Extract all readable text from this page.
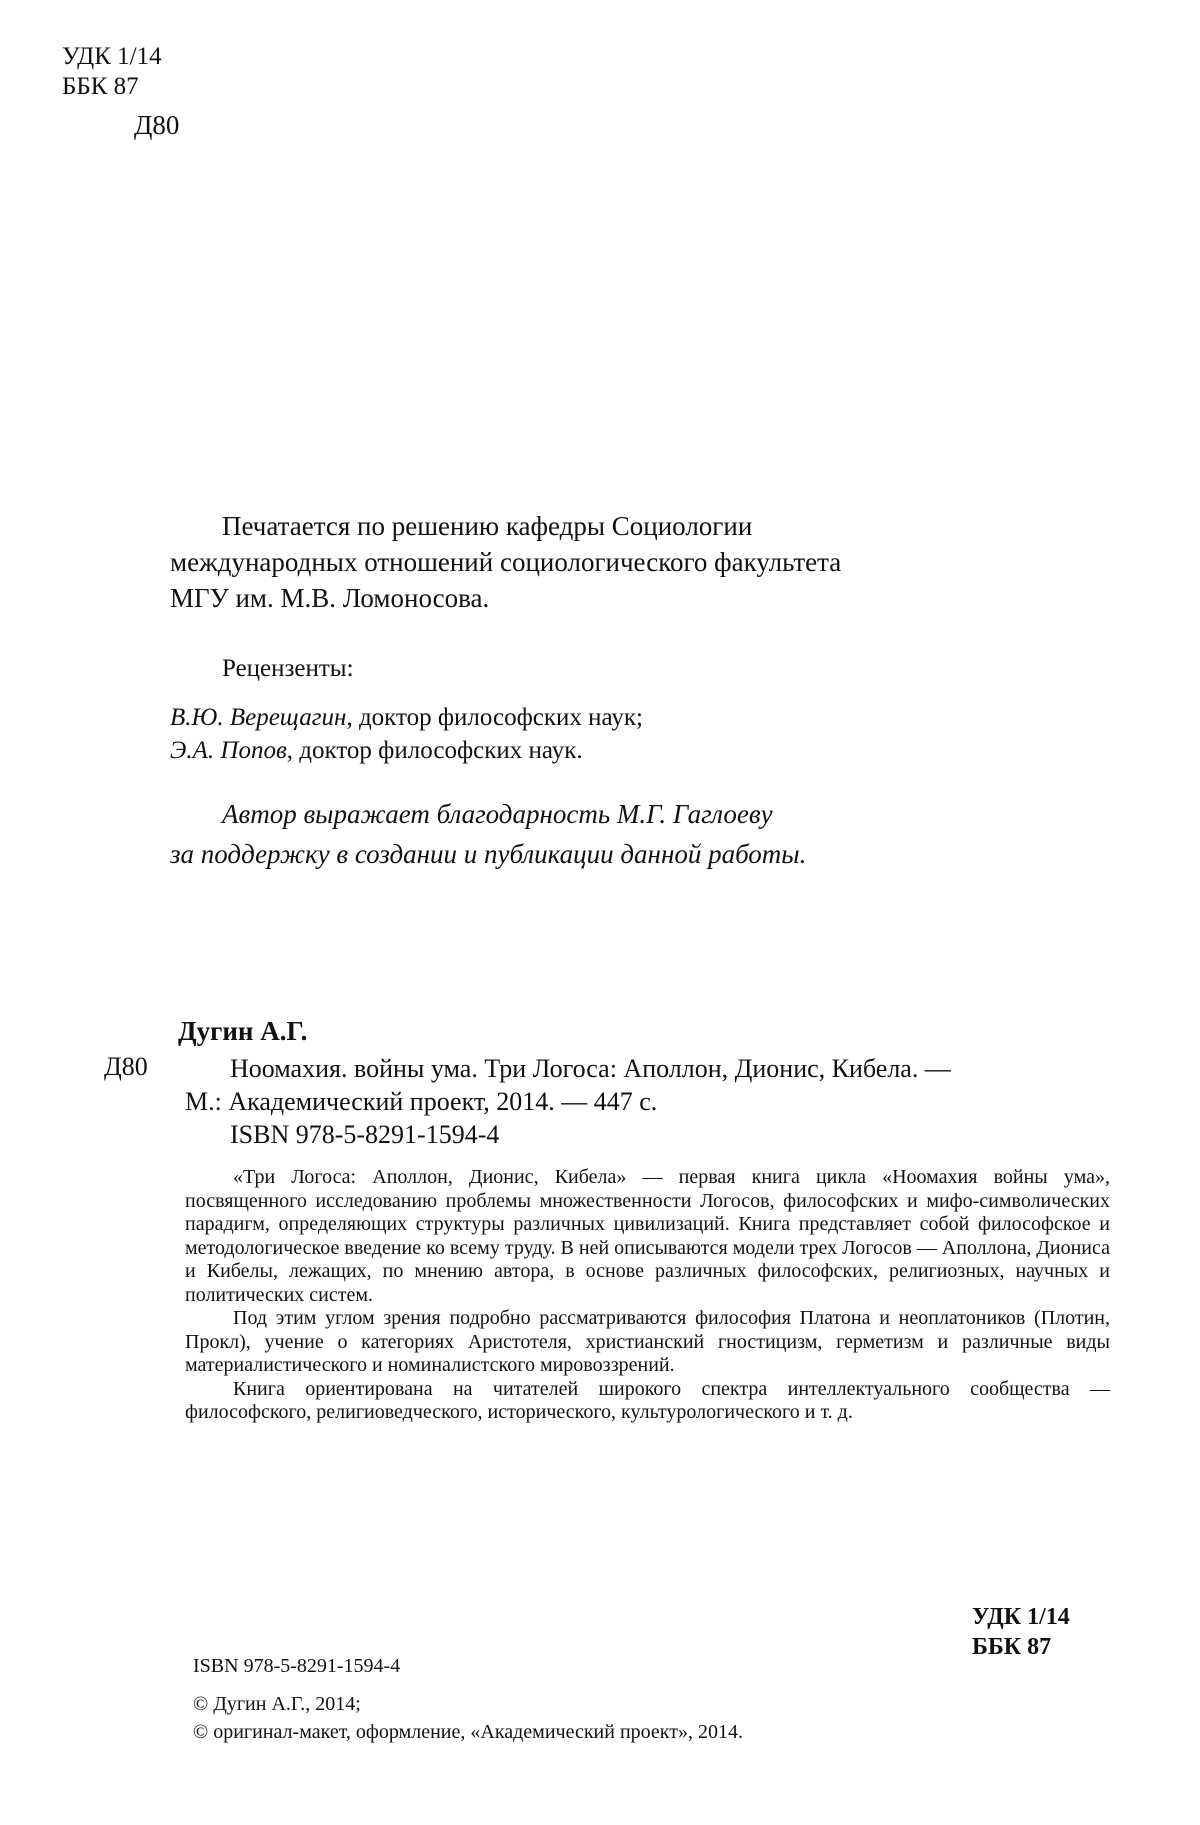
УДК 1/14
ББК 87
Д80
Печатается по решению кафедры Социологии
международных отношений социологического факультета
МГУ им. М.В. Ломоносова.
Рецензенты:
В.Ю. Верещагин, доктор философских наук;
Э.А. Попов, доктор философских наук.
Автор выражает благодарность М.Г. Гаглоеву
за поддержку в создании и публикации данной работы.
Дугин А.Г.
Д80	Ноомахия. войны ума. Три Логоса: Аполлон, Дионис, Кибела. —
М.: Академический проект, 2014. — 447 с.
ISBN 978-5-8291-1594-4

«Три Логоса: Аполлон, Дионис, Кибела» — первая книга цикла «Ноомахия войны ума», посвященного исследованию проблемы множественности Логосов, философских и мифо-символических парадигм, определяющих структуры различных цивилизаций. Книга представляет собой философское и методологическое введение ко всему труду. В ней описываются модели трех Логосов — Аполлона, Диониса и Кибелы, лежащих, по мнению автора, в основе различных философских, религиозных, научных и политических систем.

Под этим углом зрения подробно рассматриваются философия Платона и неоплатоников (Плотин, Прокл), учение о категориях Аристотеля, христианский гностицизм, герметизм и различные виды материалистического и номиналистского мировоззрений.

Книга ориентирована на читателей широкого спектра интеллектуального сообщества — философского, религиоведческого, исторического, культурологического и т. д.

УДК 1/14
ББК 87
ISBN 978-5-8291-1594-4
© Дугин А.Г., 2014;
© оригинал-макет, оформление, «Академический проект», 2014.
